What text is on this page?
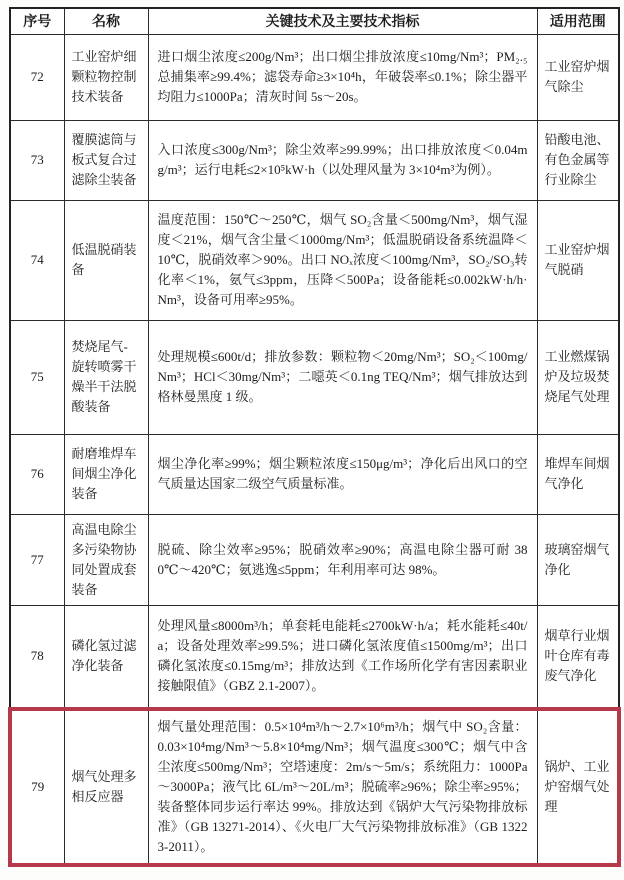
序号	名称	关键技术及主要技术指标	适用范围
72	工业窑炉细颗粒物控制技术装备	进口烟尘浓度≤200g/Nm³；出口烟尘排放浓度≤10mg/Nm³；PM₂.₅总捕集率≥99.4%；滤袋寿命≥3×10⁴h，年破袋率≤0.1%；除尘器平均阻力≤1000Pa；清灰时间 5s～20s。	工业窑炉烟气除尘
73	覆膜滤筒与板式复合过滤除尘装备	入口浓度≤300g/Nm³；除尘效率≥99.99%；出口排放浓度＜0.04mg/m³；运行电耗≤2×10⁵kW·h（以处理风量为 3×10⁴m³为例）。	铅酸电池、有色金属等行业除尘
74	低温脱硝装备	温度范围：150℃～250℃，烟气 SO₂含量＜500mg/Nm³，烟气湿度＜21%，烟气含尘量＜1000mg/Nm³；低温脱硝设备系统温降＜10℃，脱硝效率＞90%。出口 NOₓ浓度＜100mg/Nm³，SO₂/SO₃转化率＜1%，氨气≤3ppm，压降＜500Pa；设备能耗≤0.002kW·h/h·Nm³，设备可用率≥95%。	工业窑炉烟气脱硝
75	焚烧尾气-旋转喷雾干燥半干法脱酸装备	处理规模≤600t/d；排放参数：颗粒物＜20mg/Nm³；SO₂＜100mg/Nm³；HCl＜30mg/Nm³；二噁英＜0.1ng TEQ/Nm³；烟气排放达到格林曼黑度 1 级。	工业燃煤锅炉及垃圾焚烧尾气处理
76	耐磨堆焊车间烟尘净化装备	烟尘净化率≥99%；烟尘颗粒浓度≤150μg/m³；净化后出风口的空气质量达国家二级空气质量标准。	堆焊车间烟气净化
77	高温电除尘多污染物协同处置成套装备	脱硫、除尘效率≥95%；脱硝效率≥90%；高温电除尘器可耐 380℃～420℃；氨逃逸≤5ppm；年利用率可达 98%。	玻璃窑烟气净化
78	磷化氢过滤净化装备	处理风量≤8000m³/h；单套耗电能耗≤2700kW·h/a；耗水能耗≤40t/a；设备处理效率≥99.5%；进口磷化氢浓度值≤1500mg/m³；出口磷化氢浓度≤0.15mg/m³；排放达到《工作场所化学有害因素职业接触限值》（GBZ 2.1-2007）。	烟草行业烟叶仓库有毒废气净化
79	烟气处理多相反应器	烟气量处理范围：0.5×10⁴m³/h～2.7×10⁶m³/h；烟气中 SO₂含量：0.03×10⁴mg/Nm³～5.8×10⁴mg/Nm³；烟气温度≤300℃；烟气中含尘浓度≤500mg/Nm³；空塔速度：2m/s～5m/s；系统阻力：1000Pa～3000Pa；液气比 6L/m³～20L/m³；脱硫率≥96%；除尘率≥95%；装备整体同步运行率达 99%。排放达到《锅炉大气污染物排放标准》（GB 13271-2014）、《火电厂大气污染物排放标准》（GB 13223-2011）。	锅炉、工业炉窑烟气处理
